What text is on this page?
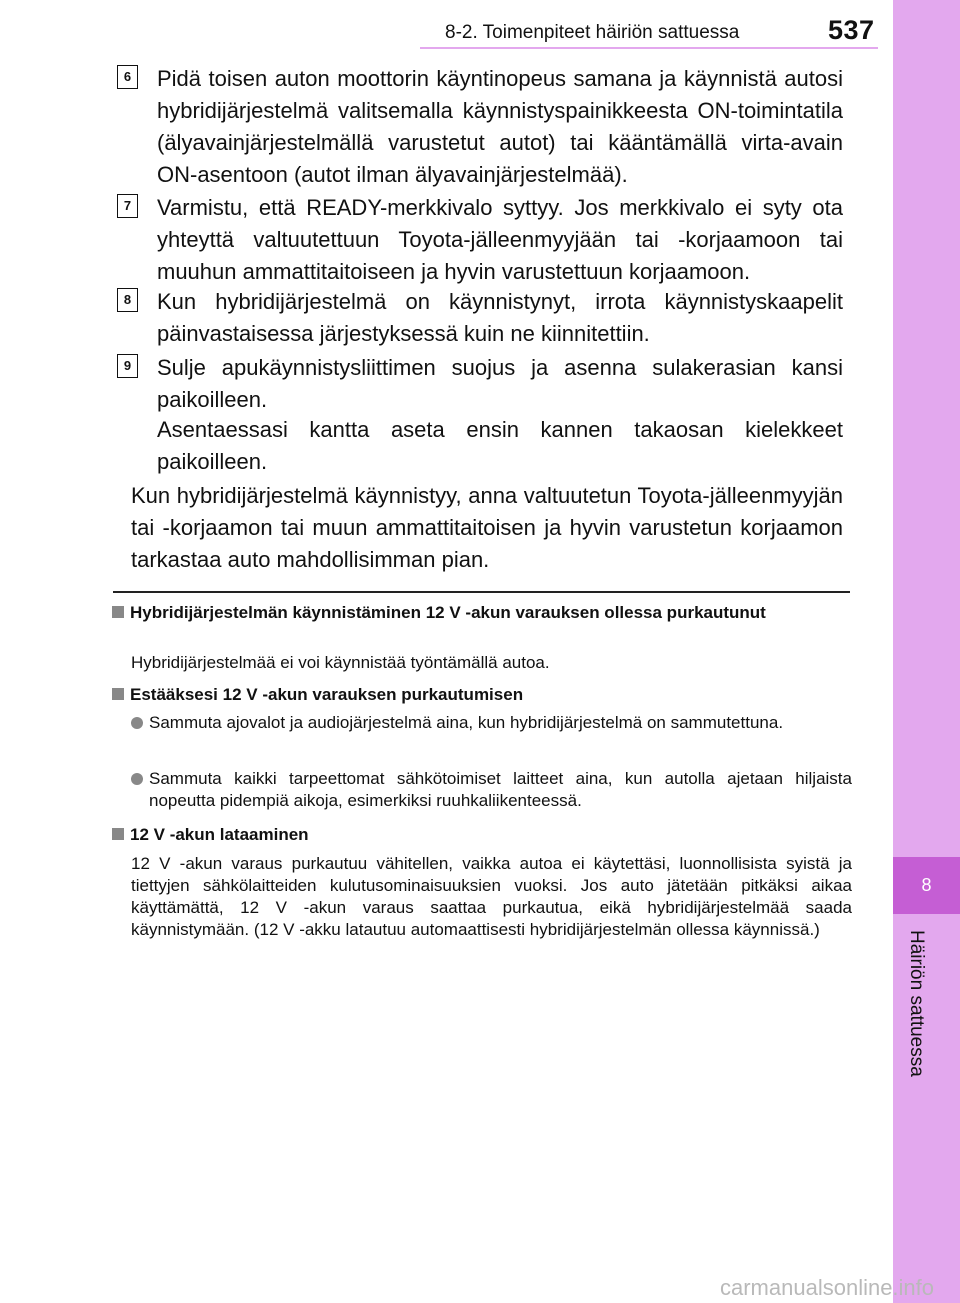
8
Häiriön sattuessa
8-2. Toimenpiteet häiriön sattuessa	537
6	Pidä toisen auton moottorin käyntinopeus samana ja käynnistä autosi hybridijärjestelmä valitsemalla käynnistyspainikkeesta ON-toimintatila (älyavainjärjestelmällä varustetut autot) tai kääntämällä virta-avain ON-asentoon (autot ilman älyavainjärjestelmää).
7	Varmistu, että READY-merkkivalo syttyy. Jos merkkivalo ei syty ota yhteyttä valtuutettuun Toyota-jälleenmyyjään tai -korjaamoon tai muuhun ammattitaitoiseen ja hyvin varustettuun korjaamoon.
8	Kun hybridijärjestelmä on käynnistynyt, irrota käynnistyskaapelit päinvastaisessa järjestyksessä kuin ne kiinnitettiin.
9	Sulje apukäynnistysliittimen suojus ja asenna sulakerasian kansi paikoilleen.
Asentaessasi kantta aseta ensin kannen takaosan kielekkeet paikoilleen.
Kun hybridijärjestelmä käynnistyy, anna valtuutetun Toyota-jälleenmyyjän tai -korjaamon tai muun ammattitaitoisen ja hyvin varustetun korjaamon tarkastaa auto mahdollisimman pian.
Hybridijärjestelmän käynnistäminen 12 V -akun varauksen ollessa purkautunut
Hybridijärjestelmää ei voi käynnistää työntämällä autoa.
Estääksesi 12 V -akun varauksen purkautumisen
Sammuta ajovalot ja audiojärjestelmä aina, kun hybridijärjestelmä on sammutettuna.
Sammuta kaikki tarpeettomat sähkötoimiset laitteet aina, kun autolla ajetaan hiljaista nopeutta pidempiä aikoja, esimerkiksi ruuhkaliikenteessä.
12 V -akun lataaminen
12 V -akun varaus purkautuu vähitellen, vaikka autoa ei käytettäsi, luonnollisista syistä ja tiettyjen sähkölaitteiden kulutusominaisuuksien vuoksi. Jos auto jätetään pitkäksi aikaa käyttämättä, 12 V -akun varaus saattaa purkautua, eikä hybridijärjestelmää saada käynnistymään. (12 V -akku latautuu automaattisesti hybridijärjestelmän ollessa käynnissä.)
carmanualsonline.info
